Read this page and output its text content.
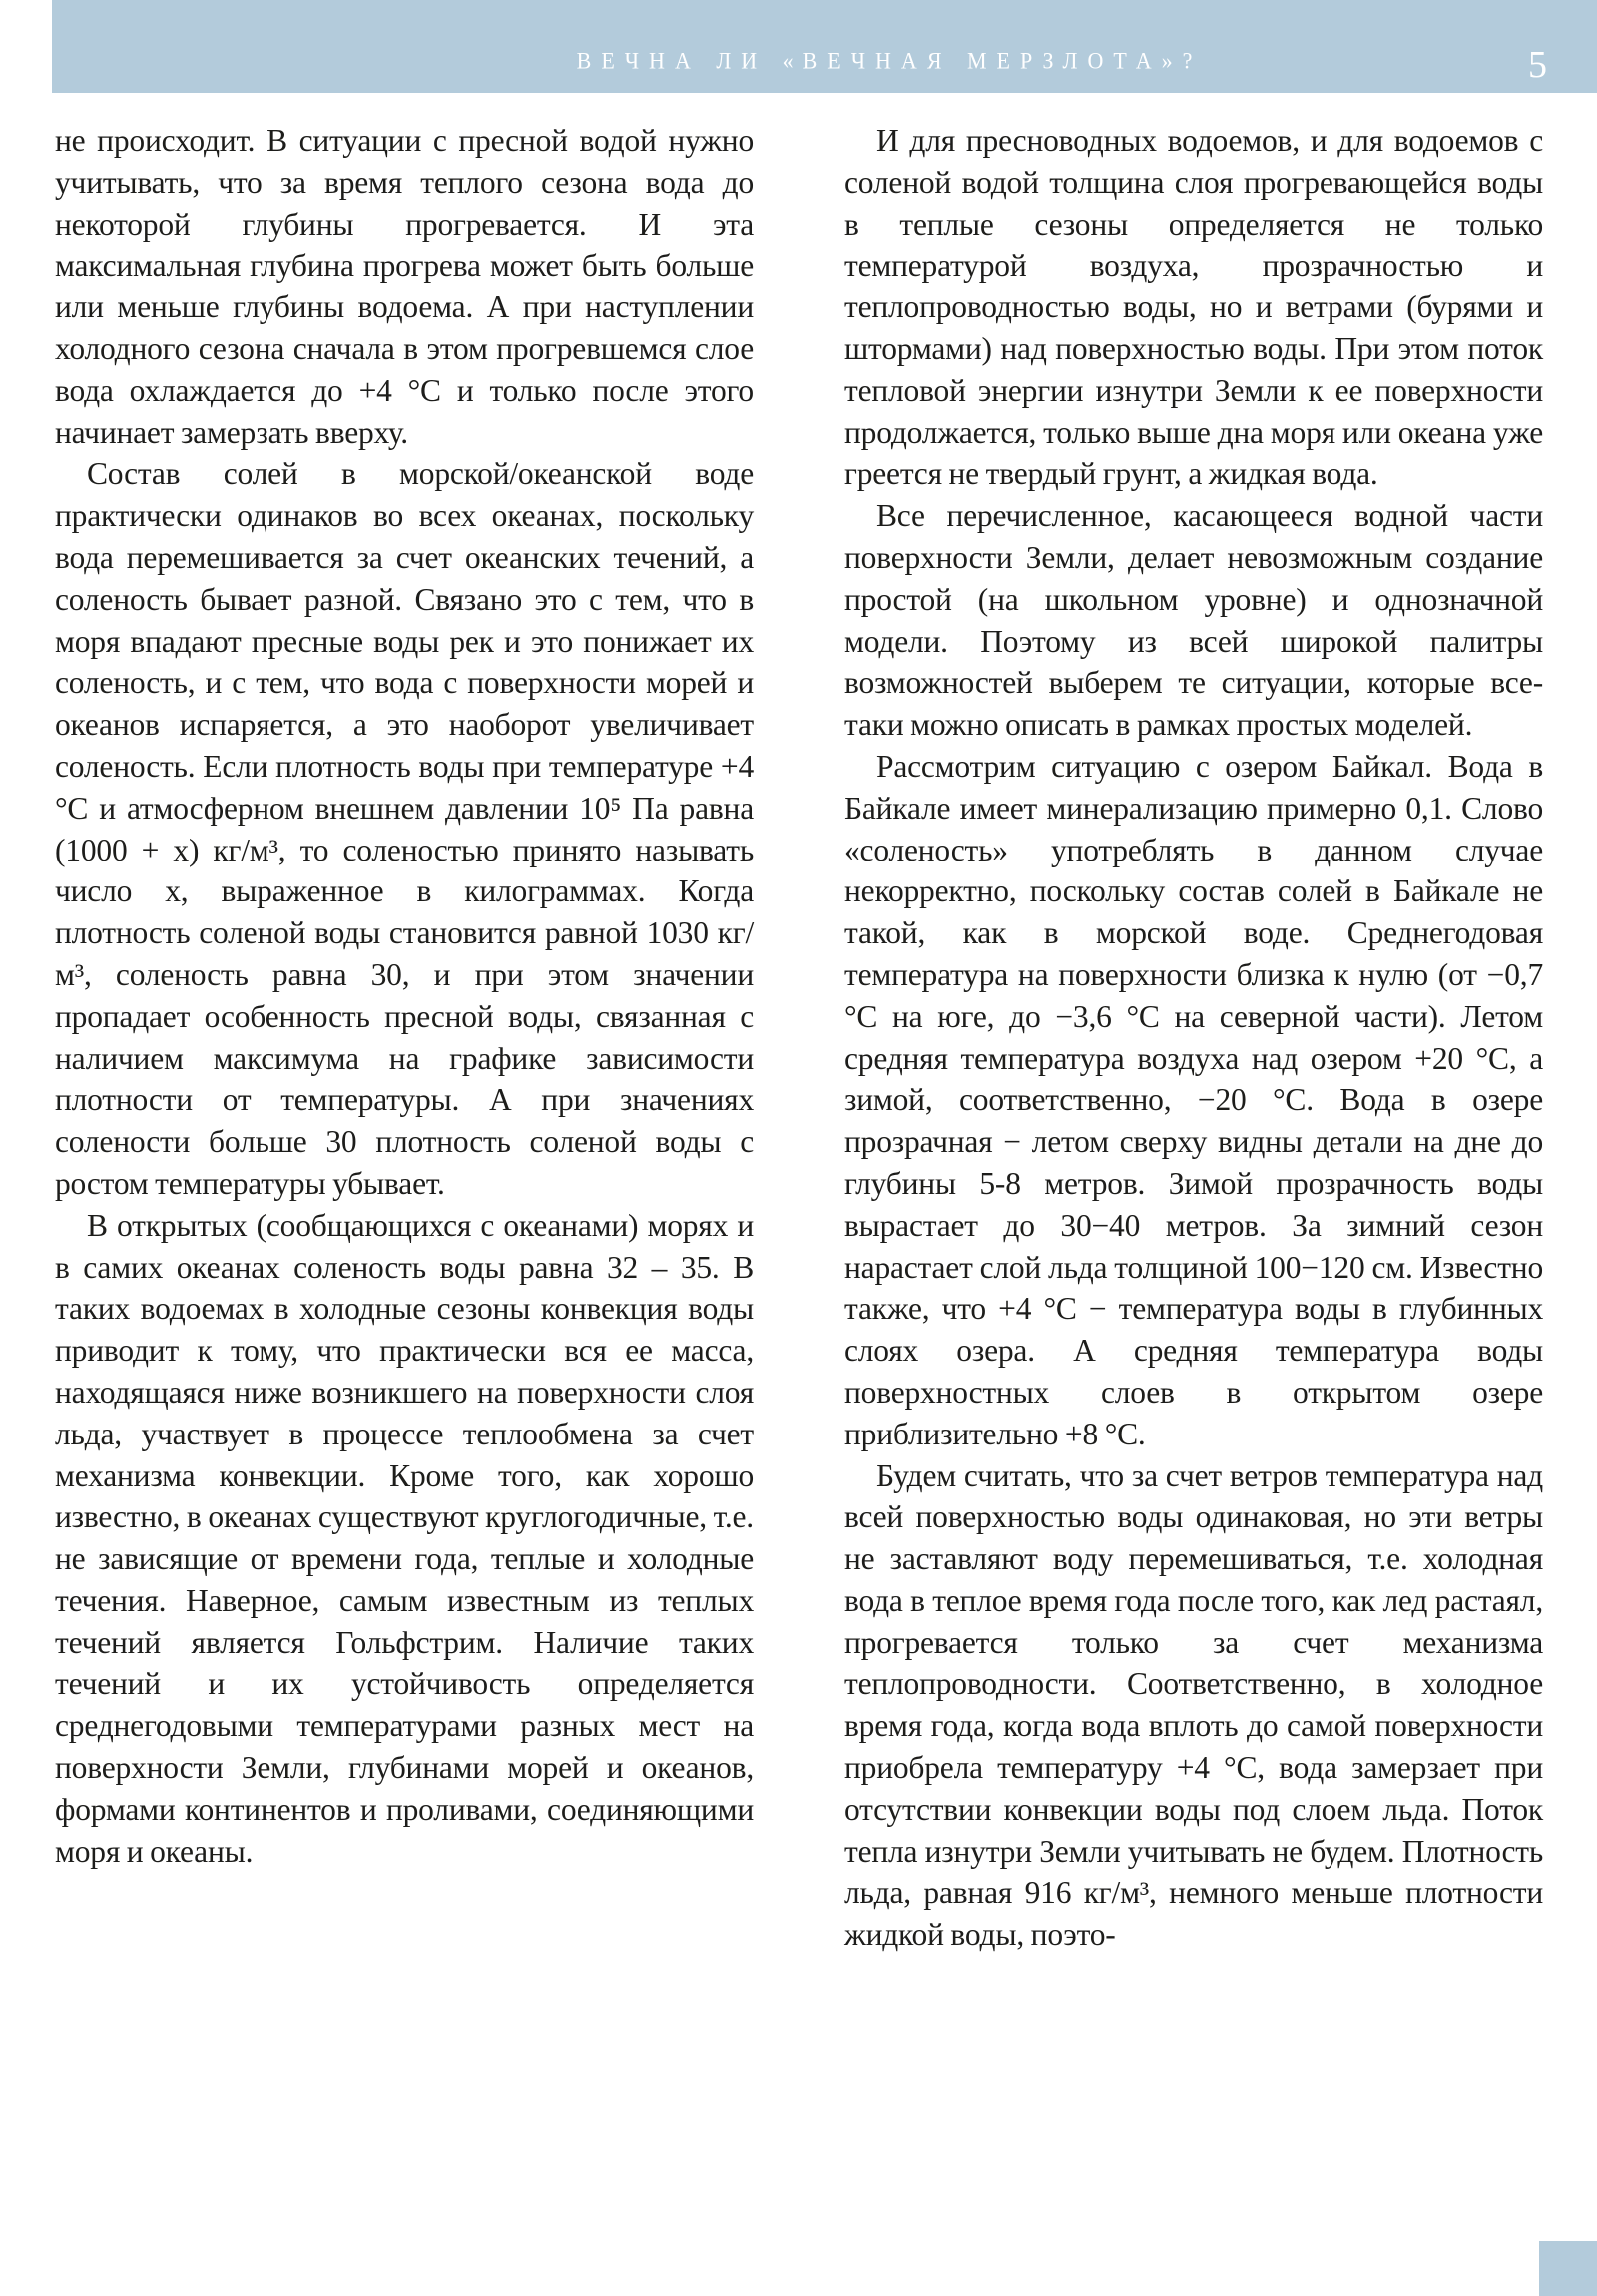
ВЕЧНА ЛИ «ВЕЧНАЯ МЕРЗЛОТА»?	5

не происходит. В ситуации с пресной водой нужно учитывать, что за время теплого сезона вода до некоторой глубины прогревается. И эта максимальная глубина прогрева может быть больше или меньше глубины водоема. А при наступлении холодного сезона сначала в этом прогревшемся слое вода охлаждается до +4 °С и только после этого начинает замерзать вверху.

Состав солей в морской/океанской воде практически одинаков во всех океанах, поскольку вода перемешивается за счет океанских течений, а соленость бывает разной. Связано это с тем, что в моря впадают пресные воды рек и это понижает их соленость, и с тем, что вода с поверхности морей и океанов испаряется, а это наоборот увеличивает соленость. Если плотность воды при температуре +4 °С и атмосферном внешнем давлении 10⁵ Па равна (1000 + x) кг/м³, то соленостью принято называть число x, выраженное в килограммах. Когда плотность соленой воды становится равной 1030 кг/м³, соленость равна 30, и при этом значении пропадает особенность пресной воды, связанная с наличием максимума на графике зависимости плотности от температуры. А при значениях солености больше 30 плотность соленой воды с ростом температуры убывает.

В открытых (сообщающихся с океанами) морях и в самих океанах соленость воды равна 32 – 35. В таких водоемах в холодные сезоны конвекция воды приводит к тому, что практически вся ее масса, находящаяся ниже возникшего на поверхности слоя льда, участвует в процессе теплообмена за счет механизма конвекции. Кроме того, как хорошо известно, в океанах существуют круглогодичные, т.е. не зависящие от времени года, теплые и холодные течения. Наверное, самым известным из теплых течений является Гольфстрим. Наличие таких течений и их устойчивость определяется среднегодовыми температурами разных мест на поверхности Земли, глубинами морей и океанов, формами континентов и проливами, соединяющими моря и океаны.

И для пресноводных водоемов, и для водоемов с соленой водой толщина слоя прогревающейся воды в теплые сезоны определяется не только температурой воздуха, прозрачностью и теплопроводностью воды, но и ветрами (бурями и штормами) над поверхностью воды. При этом поток тепловой энергии изнутри Земли к ее поверхности продолжается, только выше дна моря или океана уже греется не твердый грунт, а жидкая вода.

Все перечисленное, касающееся водной части поверхности Земли, делает невозможным создание простой (на школьном уровне) и однозначной модели. Поэтому из всей широкой палитры возможностей выберем те ситуации, которые все-таки можно описать в рамках простых моделей.

Рассмотрим ситуацию с озером Байкал. Вода в Байкале имеет минерализацию примерно 0,1. Слово «соленость» употреблять в данном случае некорректно, поскольку состав солей в Байкале не такой, как в морской воде. Среднегодовая температура на поверхности близка к нулю (от −0,7 °С на юге, до −3,6 °С на северной части). Летом средняя температура воздуха над озером +20 °С, а зимой, соответственно, −20 °С. Вода в озере прозрачная − летом сверху видны детали на дне до глубины 5-8 метров. Зимой прозрачность воды вырастает до 30−40 метров. За зимний сезон нарастает слой льда толщиной 100−120 см. Известно также, что +4 °С − температура воды в глубинных слоях озера. А средняя температура воды поверхностных слоев в открытом озере приблизительно +8 °С.

Будем считать, что за счет ветров температура над всей поверхностью воды одинаковая, но эти ветры не заставляют воду перемешиваться, т.е. холодная вода в теплое время года после того, как лед растаял, прогревается только за счет механизма теплопроводности. Соответственно, в холодное время года, когда вода вплоть до самой поверхности приобрела температуру +4 °С, вода замерзает при отсутствии конвекции воды под слоем льда. Поток тепла изнутри Земли учитывать не будем. Плотность льда, равная 916 кг/м³, немного меньше плотности жидкой воды, поэто-
